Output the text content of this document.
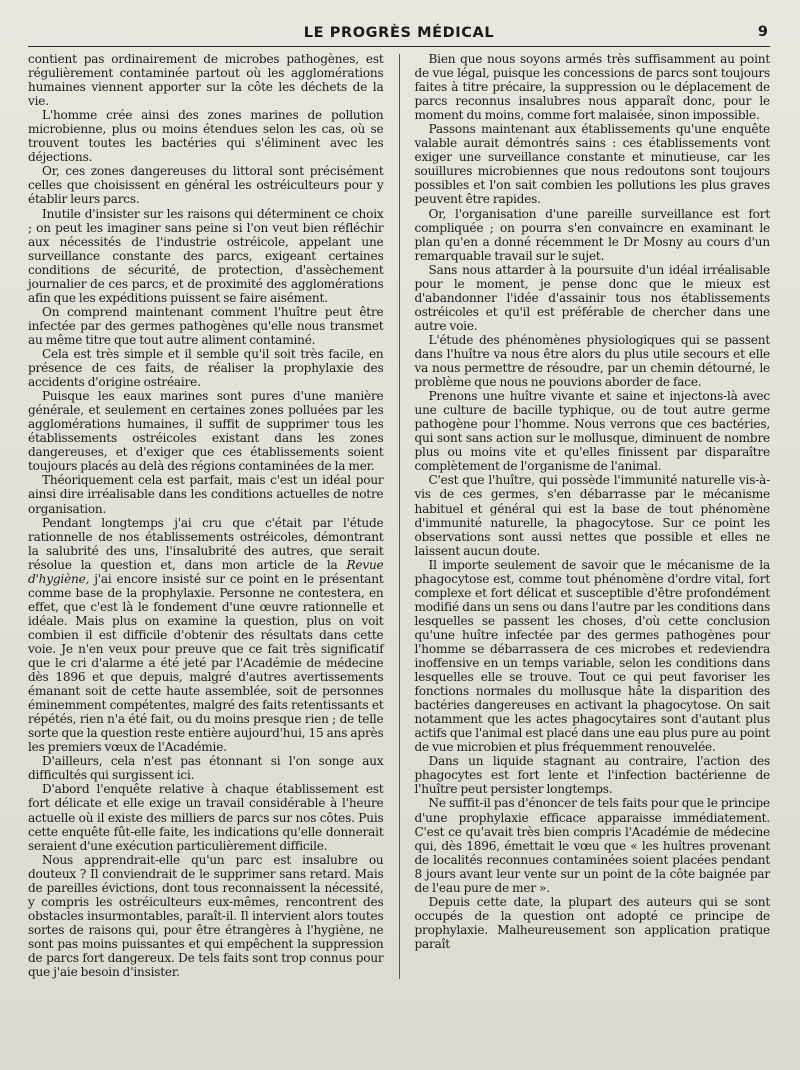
LE PROGRÈS MÉDICAL	9

contient pas ordinairement de microbes pathogènes, est régulièrement contaminée partout où les agglomérations humaines viennent apporter sur la côte les déchets de la vie.

L'homme crée ainsi des zones marines de pollution microbienne, plus ou moins étendues selon les cas, où se trouvent toutes les bactéries qui s'éliminent avec les déjections.

Or, ces zones dangereuses du littoral sont précisément celles que choisissent en général les ostréiculteurs pour y établir leurs parcs.

Inutile d'insister sur les raisons qui déterminent ce choix ; on peut les imaginer sans peine si l'on veut bien réfléchir aux nécessités de l'industrie ostréicole, appelant une surveillance constante des parcs, exigeant certaines conditions de sécurité, de protection, d'assèchement journalier de ces parcs, et de proximité des agglomérations afin que les expéditions puissent se faire aisément.

On comprend maintenant comment l'huître peut être infectée par des germes pathogènes qu'elle nous transmet au même titre que tout autre aliment contaminé.

Cela est très simple et il semble qu'il soit très facile, en présence de ces faits, de réaliser la prophylaxie des accidents d'origine ostréaire.

Puisque les eaux marines sont pures d'une manière générale, et seulement en certaines zones polluées par les agglomérations humaines, il suffit de supprimer tous les établissements ostréicoles existant dans les zones dangereuses, et d'exiger que ces établissements soient toujours placés au delà des régions contaminées de la mer.

Théoriquement cela est parfait, mais c'est un idéal pour ainsi dire irréalisable dans les conditions actuelles de notre organisation.

Pendant longtemps j'ai cru que c'était par l'étude rationnelle de nos établissements ostréicoles, démontrant la salubrité des uns, l'insalubrité des autres, que serait résolue la question et, dans mon article de la Revue d'hygiène, j'ai encore insisté sur ce point en le présentant comme base de la prophylaxie. Personne ne contestera, en effet, que c'est là le fondement d'une œuvre rationnelle et idéale. Mais plus on examine la question, plus on voit combien il est difficile d'obtenir des résultats dans cette voie. Je n'en veux pour preuve que ce fait très significatif que le cri d'alarme a été jeté par l'Académie de médecine dès 1896 et que depuis, malgré d'autres avertissements émanant soit de cette haute assemblée, soit de personnes éminemment compétentes, malgré des faits retentissants et répétés, rien n'a été fait, ou du moins presque rien ; de telle sorte que la question reste entière aujourd'hui, 15 ans après les premiers vœux de l'Académie.

D'ailleurs, cela n'est pas étonnant si l'on songe aux difficultés qui surgissent ici.

D'abord l'enquête relative à chaque établissement est fort délicate et elle exige un travail considérable à l'heure actuelle où il existe des milliers de parcs sur nos côtes. Puis cette enquête fût-elle faite, les indications qu'elle donnerait seraient d'une exécution particulièrement difficile.

Nous apprendrait-elle qu'un parc est insalubre ou douteux ? Il conviendrait de le supprimer sans retard. Mais de pareilles évictions, dont tous reconnaissent la nécessité, y compris les ostréiculteurs eux-mêmes, rencontrent des obstacles insurmontables, paraît-il. Il intervient alors toutes sortes de raisons qui, pour être étrangères à l'hygiène, ne sont pas moins puissantes et qui empêchent la suppression de parcs fort dangereux. De tels faits sont trop connus pour que j'aie besoin d'insister.

Bien que nous soyons armés très suffisamment au point de vue légal, puisque les concessions de parcs sont toujours faites à titre précaire, la suppression ou le déplacement de parcs reconnus insalubres nous apparaît donc, pour le moment du moins, comme fort malaisée, sinon impossible.

Passons maintenant aux établissements qu'une enquête valable aurait démontrés sains : ces établissements vont exiger une surveillance constante et minutieuse, car les souillures microbiennes que nous redoutons sont toujours possibles et l'on sait combien les pollutions les plus graves peuvent être rapides.

Or, l'organisation d'une pareille surveillance est fort compliquée ; on pourra s'en convaincre en examinant le plan qu'en a donné récemment le Dr Mosny au cours d'un remarquable travail sur le sujet.

Sans nous attarder à la poursuite d'un idéal irréalisable pour le moment, je pense donc que le mieux est d'abandonner l'idée d'assainir tous nos établissements ostréicoles et qu'il est préférable de chercher dans une autre voie.

L'étude des phénomènes physiologiques qui se passent dans l'huître va nous être alors du plus utile secours et elle va nous permettre de résoudre, par un chemin détourné, le problème que nous ne pouvions aborder de face.

Prenons une huître vivante et saine et injectons-là avec une culture de bacille typhique, ou de tout autre germe pathogène pour l'homme. Nous verrons que ces bactéries, qui sont sans action sur le mollusque, diminuent de nombre plus ou moins vite et qu'elles finissent par disparaître complètement de l'organisme de l'animal.

C'est que l'huître, qui possède l'immunité naturelle vis-à-vis de ces germes, s'en débarrasse par le mécanisme habituel et général qui est la base de tout phénomène d'immunité naturelle, la phagocytose. Sur ce point les observations sont aussi nettes que possible et elles ne laissent aucun doute.

Il importe seulement de savoir que le mécanisme de la phagocytose est, comme tout phénomène d'ordre vital, fort complexe et fort délicat et susceptible d'être profondément modifié dans un sens ou dans l'autre par les conditions dans lesquelles se passent les choses, d'où cette conclusion qu'une huître infectée par des germes pathogènes pour l'homme se débarrassera de ces microbes et redeviendra inoffensive en un temps variable, selon les conditions dans lesquelles elle se trouve. Tout ce qui peut favoriser les fonctions normales du mollusque hâte la disparition des bactéries dangereuses en activant la phagocytose. On sait notamment que les actes phagocytaires sont d'autant plus actifs que l'animal est placé dans une eau plus pure au point de vue microbien et plus fréquemment renouvelée.

Dans un liquide stagnant au contraire, l'action des phagocytes est fort lente et l'infection bactérienne de l'huître peut persister longtemps.

Ne suffit-il pas d'énoncer de tels faits pour que le principe d'une prophylaxie efficace apparaisse immédiatement. C'est ce qu'avait très bien compris l'Académie de médecine qui, dès 1896, émettait le vœu que « les huîtres provenant de localités reconnues contaminées soient placées pendant 8 jours avant leur vente sur un point de la côte baignée par de l'eau pure de mer ».

Depuis cette date, la plupart des auteurs qui se sont occupés de la question ont adopté ce principe de prophylaxie. Malheureusement son application pratique paraît
